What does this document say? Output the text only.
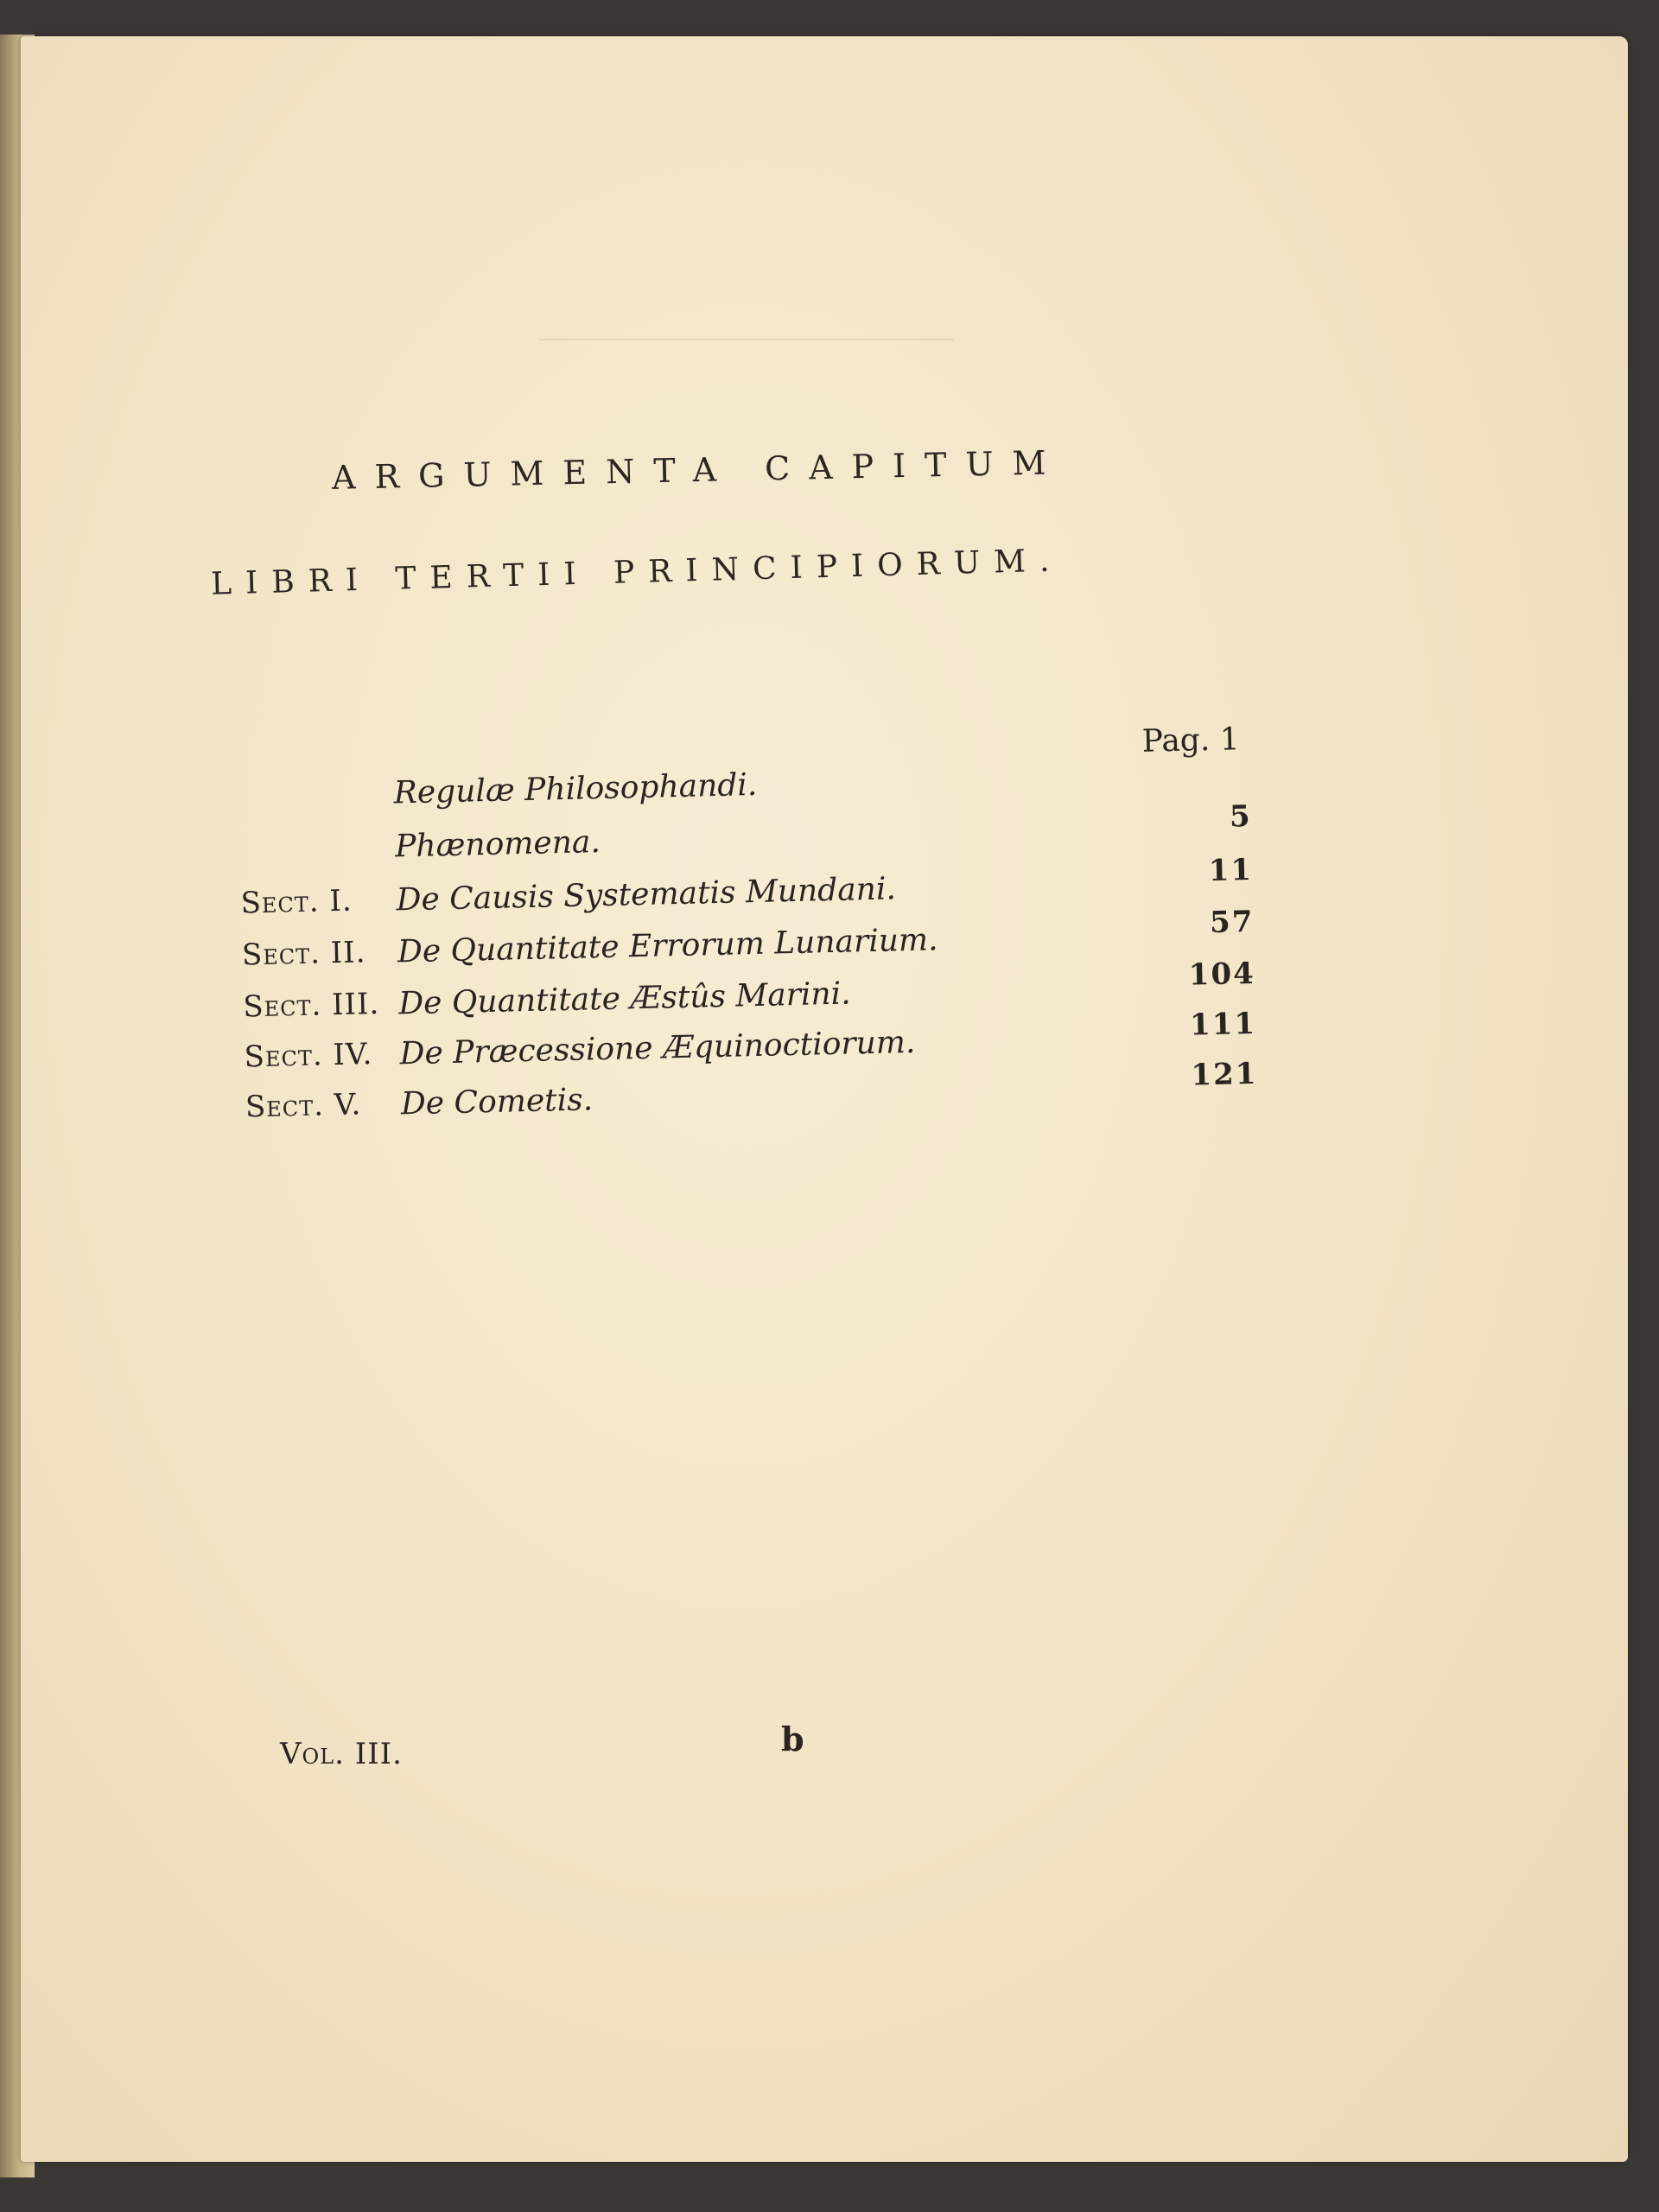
ARGUMENTA CAPITUM
LIBRI TERTII PRINCIPIORUM.
Pag. 1
Regulæ Philosophandi.
Phænomena.
5
Sect. I. De Causis Systematis Mundani.
11
Sect. II. De Quantitate Errorum Lunarium.	57
Sect. III. De Quantitate Æstûs Marini.
104
Sect. IV. De Præcessione Æquinoctiorum.
111
Sect. V. De Cometis.
121
Vol. III.	b
